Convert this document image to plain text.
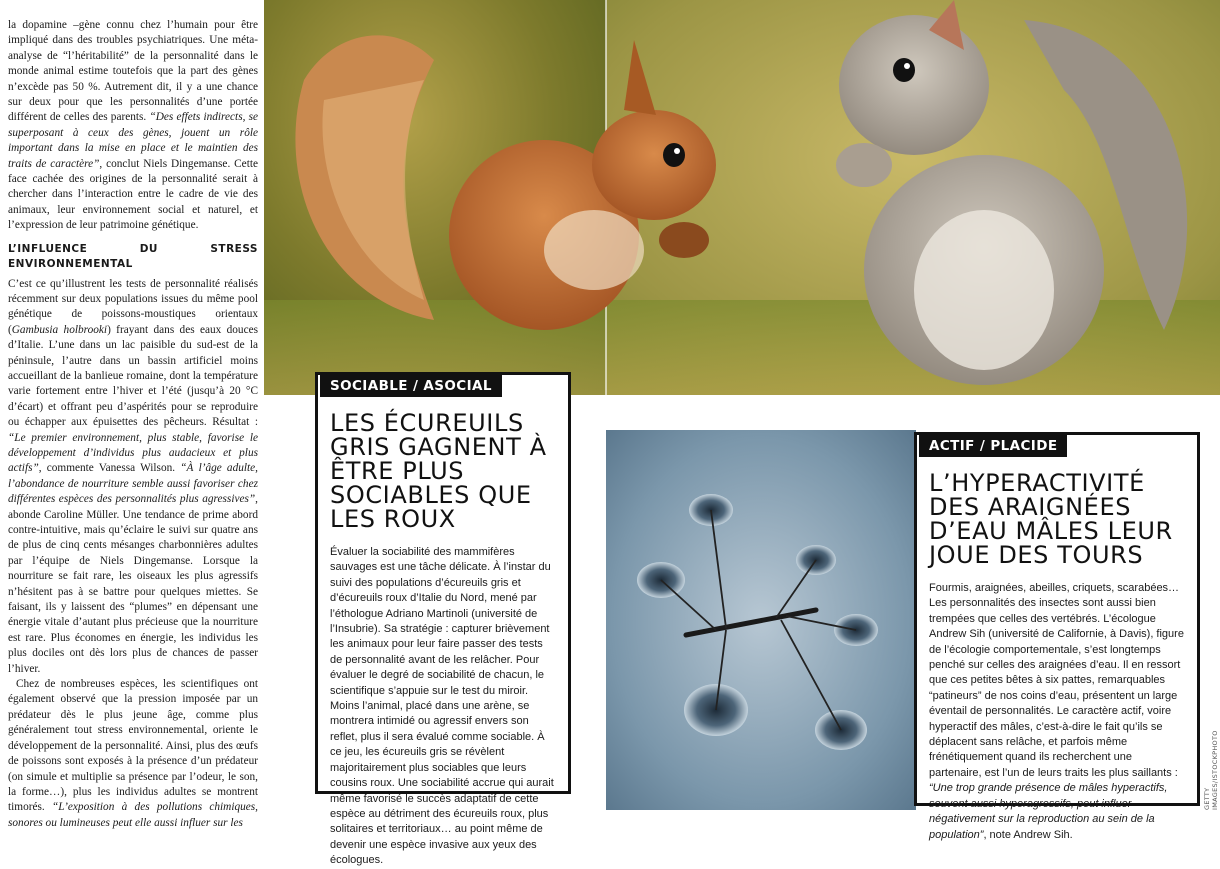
la dopamine –gène connu chez l’humain pour être impliqué dans des troubles psychiatriques. Une méta-analyse de “l’héritabilité” de la personnalité dans le monde animal estime toutefois que la part des gènes n’excède pas 50 %. Autrement dit, il y a une chance sur deux pour que les personnalités d’une portée différent de celles des parents. “Des effets indirects, se superposant à ceux des gènes, jouent un rôle important dans la mise en place et le maintien des traits de caractère”, conclut Niels Dingemanse. Cette face cachée des origines de la personnalité serait à chercher dans l’interaction entre le cadre de vie des animaux, leur environnement social et naturel, et l’expression de leur patrimoine génétique.

L’INFLUENCE DU STRESS ENVIRONNEMENTAL

C’est ce qu’illustrent les tests de personnalité réalisés récemment sur deux populations issues du même pool génétique de poissons-moustiques orientaux (Gambusia holbrooki) frayant dans des eaux douces d’Italie. L’une dans un lac paisible du sud-est de la péninsule, l’autre dans un bassin artificiel moins accueillant de la banlieue romaine, dont la température varie fortement entre l’hiver et l’été (jusqu’à 20 °C d’écart) et offrant peu d’aspérités pour se reproduire ou échapper aux épuisettes des pêcheurs. Résultat : “Le premier environnement, plus stable, favorise le développement d’individus plus audacieux et plus actifs”, commente Vanessa Wilson. “À l’âge adulte, l’abondance de nourriture semble aussi favoriser chez différentes espèces des personnalités plus agressives”, abonde Caroline Müller. Une tendance de prime abord contre-intuitive, mais qu’éclaire le suivi sur quatre ans de plus de cinq cents mésanges charbonnières adultes par l’équipe de Niels Dingemanse. Lorsque la nourriture se fait rare, les oiseaux les plus agressifs n’hésitent pas à se battre pour quelques miettes. Se faisant, ils y laissent des “plumes” en dépensant une énergie vitale d’autant plus précieuse que la nourriture est rare. Plus économes en énergie, les individus les plus dociles ont dès lors plus de chances de passer l’hiver.

Chez de nombreuses espèces, les scientifiques ont également observé que la pression imposée par un prédateur dès le plus jeune âge, comme plus généralement tout stress environnemental, oriente le développement de la personnalité. Ainsi, plus des œufs de poissons sont exposés à la présence d’un prédateur (on simule et multiplie sa présence par l’odeur, le son, la forme…), plus les individus adultes se montrent timorés. “L’exposition à des pollutions chimiques, sonores ou lumineuses peut elle aussi influer sur les

GETTY IMAGES/ISTOCKPHOTO
SOCIABLE / ASOCIAL
LES ÉCUREUILS GRIS GAGNENT À ÊTRE PLUS SOCIABLES QUE LES ROUX

Évaluer la sociabilité des mammifères sauvages est une tâche délicate. À l’instar du suivi des populations d’écureuils gris et d’écureuils roux d’Italie du Nord, mené par l’éthologue Adriano Martinoli (université de l’Insubrie). Sa stratégie : capturer brièvement les animaux pour leur faire passer des tests de personnalité avant de les relâcher. Pour évaluer le degré de sociabilité de chacun, le scientifique s’appuie sur le test du miroir. Moins l’animal, placé dans une arène, se montrera intimidé ou agressif envers son reflet, plus il sera évalué comme sociable. À ce jeu, les écureuils gris se révèlent majoritairement plus sociables que leurs cousins roux. Une sociabilité accrue qui aurait même favorisé le succès adaptatif de cette espèce au détriment des écureuils roux, plus solitaires et territoriaux… au point même de devenir une espèce invasive aux yeux des écologues.

ACTIF / PLACIDE
L’HYPERACTIVITÉ DES ARAIGNÉES D’EAU MÂLES LEUR JOUE DES TOURS

Fourmis, araignées, abeilles, criquets, scarabées… Les personnalités des insectes sont aussi bien trempées que celles des vertébrés. L’écologue Andrew Sih (université de Californie, à Davis), figure de l’écologie comportementale, s’est longtemps penché sur celles des araignées d’eau. Il en ressort que ces petites bêtes à six pattes, remarquables “patineurs” de nos coins d’eau, présentent un large éventail de personnalités. Le caractère actif, voire hyperactif des mâles, c’est-à-dire le fait qu’ils se déplacent sans relâche, et parfois même frénétiquement quand ils recherchent une partenaire, est l’un de leurs traits les plus saillants : “Une trop grande présence de mâles hyperactifs, souvent aussi hyperagressifs, peut influer négativement sur la reproduction au sein de la population”, note Andrew Sih.
